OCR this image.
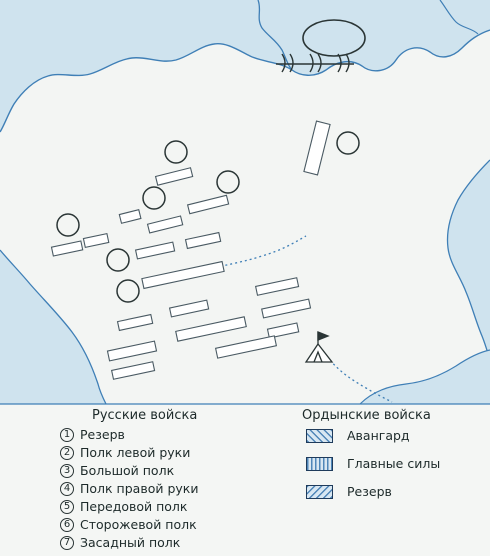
Русские войска
1 Резерв
2 Полк левой руки
3 Большой полк
4 Полк правой руки
5 Передовой полк
6 Сторожевой полк
7 Засадный полк
Ордынские войска
Авангард
Главные силы
Резерв
